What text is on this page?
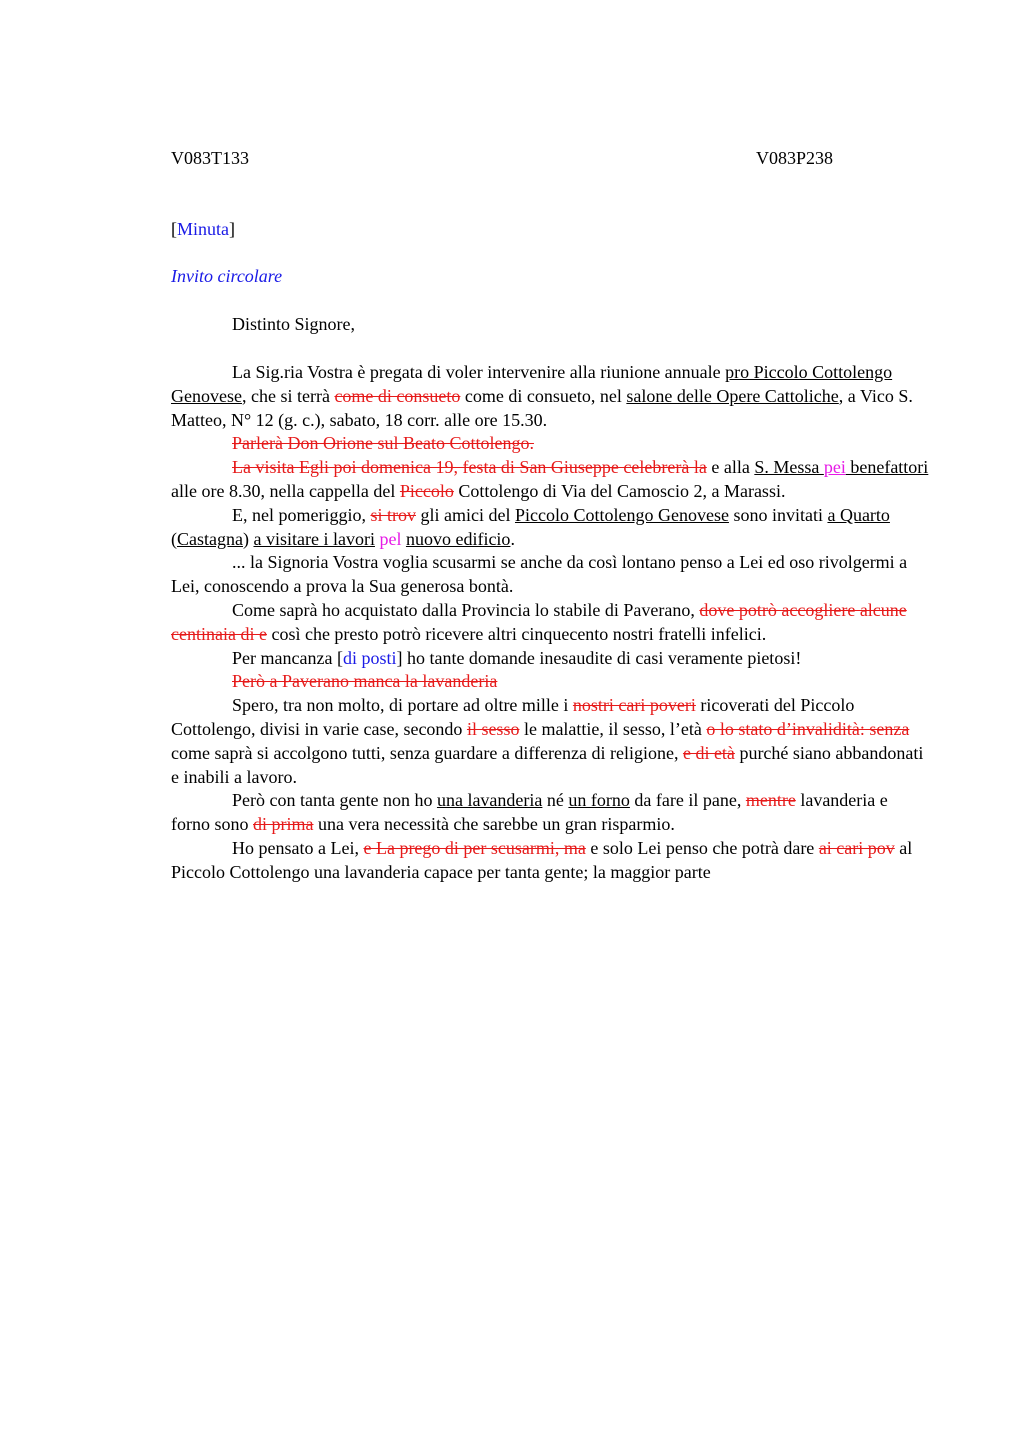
V083T133	V083P238
[Minuta]
Invito circolare
Distinto Signore,

La Sig.ria Vostra è pregata di voler intervenire alla riunione annuale pro Piccolo Cottolengo Genovese, che si terrà come di consueto come di consueto, nel salone delle Opere Cattoliche, a Vico S. Matteo, N° 12 (g. c.), sabato, 18 corr. alle ore 15.30.

Parlerà Don Orione sul Beato Cottolengo.

La visita Egli poi domenica 19, festa di San Giuseppe celebrerà la e alla S. Messa pei benefattori alle ore 8.30, nella cappella del Piccolo Cottolengo di Via del Camoscio 2, a Marassi.

E, nel pomeriggio, si trov gli amici del Piccolo Cottolengo Genovese sono invitati a Quarto (Castagna) a visitare i lavori pel nuovo edificio.

... la Signoria Vostra voglia scusarmi se anche da così lontano penso a Lei ed oso rivolgermi a Lei, conoscendo a prova la Sua generosa bontà.

Come saprà ho acquistato dalla Provincia lo stabile di Paverano, dove potrò accogliere alcune centinaia di e così che presto potrò ricevere altri cinquecento nostri fratelli infelici.

Per mancanza [di posti] ho tante domande inesaudite di casi veramente pietosi!

Però a Paverano manca la lavanderia

Spero, tra non molto, di portare ad oltre mille i nostri cari poveri ricoverati del Piccolo Cottolengo, divisi in varie case, secondo il sesso le malattie, il sesso, l’età o lo stato d’invalidità: senza come saprà si accolgono tutti, senza guardare a differenza di religione, e di età purché siano abbandonati e inabili a lavoro.

Però con tanta gente non ho una lavanderia né un forno da fare il pane, mentre lavanderia e forno sono di prima una vera necessità che sarebbe un gran risparmio.

Ho pensato a Lei, e La prego di per scusarmi, ma e solo Lei penso che potrà dare ai cari pov al Piccolo Cottolengo una lavanderia capace per tanta gente; la maggior parte
